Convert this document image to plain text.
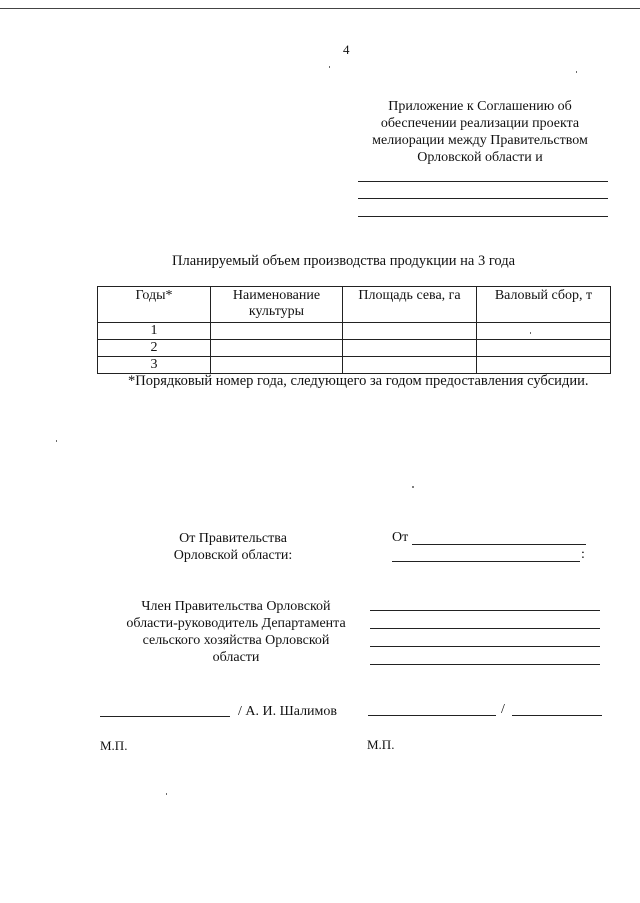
4
Приложение к Соглашению об
обеспечении реализации проекта
мелиорации между Правительством
Орловской области и
Планируемый объем производства продукции на 3 года
Годы*	Наименование культуры	Площадь сева, га	Валовый сбор, т
1			
2			
3			
*Порядковый номер года, следующего за годом предоставления субсидии.
От Правительства
Орловской области:
От
:
Член Правительства Орловской
области-руководитель Департамента
сельского хозяйства Орловской
области
/ А. И. Шалимов	/
М.П.	М.П.
